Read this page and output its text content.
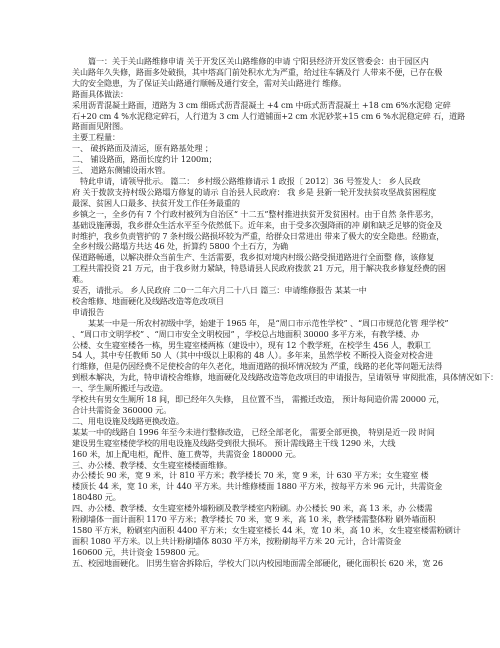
篇一：关于关山路维修申请 关于开发区关山路维修的申请 宁阳县经济开发区管委会：由于园区内

关山路年久失修，路面多处破损，其中塔高门前处积水尤为严重，给过往车辆及行 人带来不便，已存在极

大的安全隐患，为了保证关山路通行顺畅及通行安全，需对关山路进行 维修。

路面具体做法：

采用沥青混凝土路面，道路为 3 cm 细砾式沥青混凝土 +4 cm 中砾式沥青混凝土 +18 cm 6%水泥稳 定碎

石+20 cm 4 %水泥稳定碎石，人行道为 3 cm 人行道铺面+2 cm 水泥砂浆+15 cm 6 %水泥稳定碎 石，道路

路面面见附图。

主要工程量：

一、 破拆路面及清运，原有路基处理 ；

二、 铺设路面，路面长度约计 1200m；

三、 道路东侧铺设雨水管。

特此申请，请领导批示。 篇二： 乡村级公路维修请示 1 政报〔 2012〕36 号签发人： 乡人民政

府 关于拨款支持村级公路塌方修复的请示 自治县人民政府： 我 乡是 县新一轮开发扶贫攻坚战贫困程度

最深、贫困人口最多、扶贫开发工作任务最重的

乡镇之一，全乡仍有 7 个行政村被列为自治区“ 十二五”整村推进扶贫开发贫困村。由于自然 条件恶劣，

基础设施薄弱，我乡群众生活水平至今依然低下。近年来，由于受多次强降雨的冲 刷和缺乏足够的资金及

时维护，我乡负责管护的 7 条村级公路损坏较为严重，给群众日常进出 带来了极大的安全隐患。经勘查，

全乡村级公路塌方共达 46 处，折算约 5800 个土石方，为确

保道路畅通，以解决群众当前生产、生活需要，我乡拟对境内村级公路受损道路进行全面整 修，该修复

工程共需投资 21 万元，由于我乡财力紧缺，特恳请县人民政府拨款 21 万元，用于解决我乡修复经费的困

难。

妥否，请批示。 乡人民政府 二0一二年六月二十八日 篇三：申请维修报告 某某一中

校舍维修、地面硬化及线路改造等危改项目

申请报告

某某一中是一所农村初级中学，始建于 1965 年， 是“周口市示范性学校” 、“周口市规范化管 理学校”

、“周口市文明学校” 、“周口市安全文明校园” ，学校总占地面积 30000 多平方米，有教学楼、办

公楼、女生寝室楼各一栋，男生寝室楼两栋（建设中），现有 12 个教学班，在校学生 456 人，教职工

54 人，其中专任教师 50 人（其中中级以上职称的 48 人）。多年来，虽然学校 不断投入资金对校舍进

行维修，但是仍因经费不足使校舍的年久老化，地面道路的损坏情况较为 严重，线路的老化等问题无法得

到根本解决，为此，特申请校舍维修，地面硬化及线路改造等危改项目的申请报告，呈请领导 审阅批准，具体情况如下：

一、学生厕所搬迁与改造。

学校共有男女生厕所 18 间，即已经年久失修， 且位置不当， 需搬迁改造， 预计每间造价需 20000 元，

合计共需资金 360000 元。

二、用电设施及线路更换改造。

某某一中的线路自 1996 年至今未进行整修改造， 已经全部老化， 需要全部更换， 特别是近一段 时间

建设男生寝室楼使学校的用电设施及线路受到很大损坏。 预计需线路主干线 1290 米，大线

160 米，加上配电柜，配件、施工费等，共需资金 180000 元。

三、办公楼、教学楼、女生寝室楼楼面维修。

办公楼长 90 米，宽 9 米，计 810 平方米；教学楼长 70 米，宽 9 米，计 630 平方米；女生寝室 楼

楼顶长 44 米，宽 10 米，计 440 平方米。共计维修楼面 1880 平方米，按每平方米 96 元计，共需资金

180480 元。

四、办公楼、教学楼、女生寝室楼外墙粉刷及教学楼室内粉刷。办公楼长 90 米，高 13 米，办 公楼需

粉刷墙体一面计面积 1170 平方米；教学楼长 70 米，宽 9 米，高 10 米，教学楼需整体粉 刷外墙面积

1580 平方米，粉刷室内面积 4400 平方米；女生寝室楼长 44 米，宽 10 米，高 10 米，女生寝室楼需粉刷计

面积 1080 平方米。以上共计粉刷墙体 8030 平方米，按粉刷每平方米 20 元计，合计需资金

160600 元，共计资金 159800 元。

五、校园地面硬化。 旧男生宿舍拆除后，学校大门以内校园地面需全部硬化，硬化面积长 620 米，宽 26
